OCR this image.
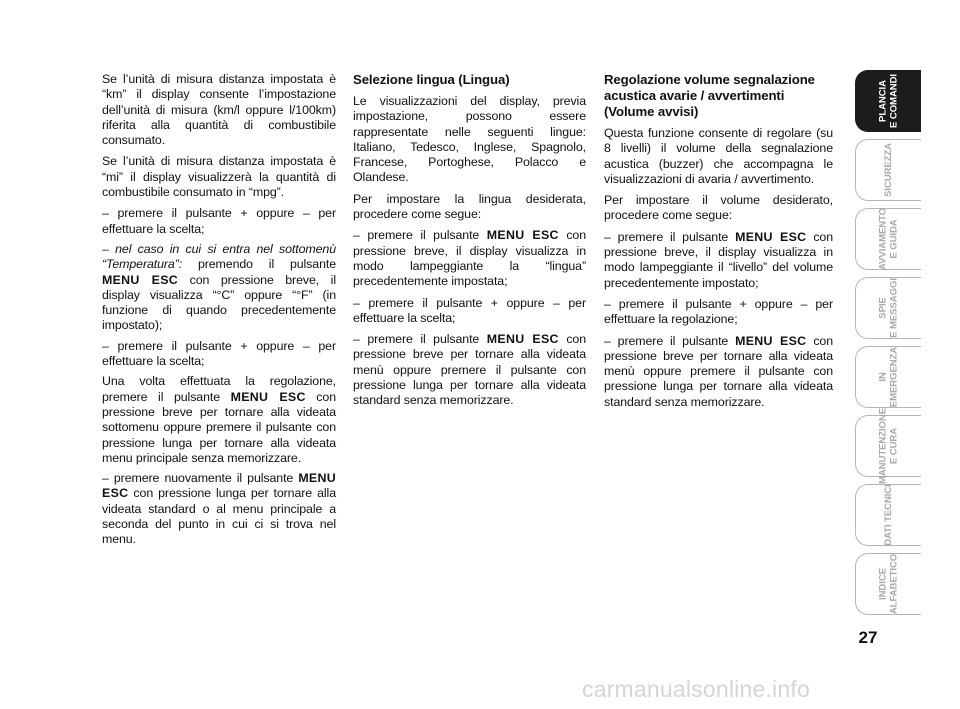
Se l’unità di misura distanza impostata è “km” il display consente l’impostazione dell’unità di misura (km/l oppure l/100km) riferita alla quantità di combustibile consumato.

Se l’unità di misura distanza impostata è “mi” il display visualizzerà la quantità di combustibile consumato in “mpg”.

– premere il pulsante + oppure – per effettuare la scelta;

– nel caso in cui si entra nel sottomenù “Temperatura”: premendo il pulsante MENU ESC con pressione breve, il display visualizza “°C” oppure “°F” (in funzione di quando precedentemente impostato);

– premere il pulsante + oppure – per effettuare la scelta;

Una volta effettuata la regolazione, premere il pulsante MENU ESC con pressione breve per tornare alla videata sottomenu oppure premere il pulsante con pressione lunga per tornare alla videata menu principale senza memorizzare.

– premere nuovamente il pulsante MENU ESC con pressione lunga per tornare alla videata standard o al menu principale a seconda del punto in cui ci si trova nel menu.

Selezione lingua (Lingua)

Le visualizzazioni del display, previa impostazione, possono essere rappresentate nelle seguenti lingue: Italiano, Tedesco, Inglese, Spagnolo, Francese, Portoghese, Polacco e Olandese.

Per impostare la lingua desiderata, procedere come segue:

– premere il pulsante MENU ESC con pressione breve, il display visualizza in modo lampeggiante la “lingua” precedentemente impostata;

– premere il pulsante + oppure – per effettuare la scelta;

– premere il pulsante MENU ESC con pressione breve per tornare alla videata menù oppure premere il pulsante con pressione lunga per tornare alla videata standard senza memorizzare.

Regolazione volume segnalazione acustica avarie / avvertimenti (Volume avvisi)

Questa funzione consente di regolare (su 8 livelli) il volume della segnalazione acustica (buzzer) che accompagna le visualizzazioni di avaria / avvertimento.

Per impostare il volume desiderato, procedere come segue:

– premere il pulsante MENU ESC con pressione breve, il display visualizza in modo lampeggiante il “livello” del volume precedentemente impostato;

– premere il pulsante + oppure – per effettuare la regolazione;

– premere il pulsante MENU ESC con pressione breve per tornare alla videata menù oppure premere il pulsante con pressione lunga per tornare alla videata standard senza memorizzare.

PLANCIA E COMANDI
SICUREZZA
AVVIAMENTO E GUIDA
SPIE E MESSAGGI
IN EMERGENZA
MANUTENZIONE E CURA
DATI TECNICI
INDICE ALFABETICO
27
carmanualsonline.info
